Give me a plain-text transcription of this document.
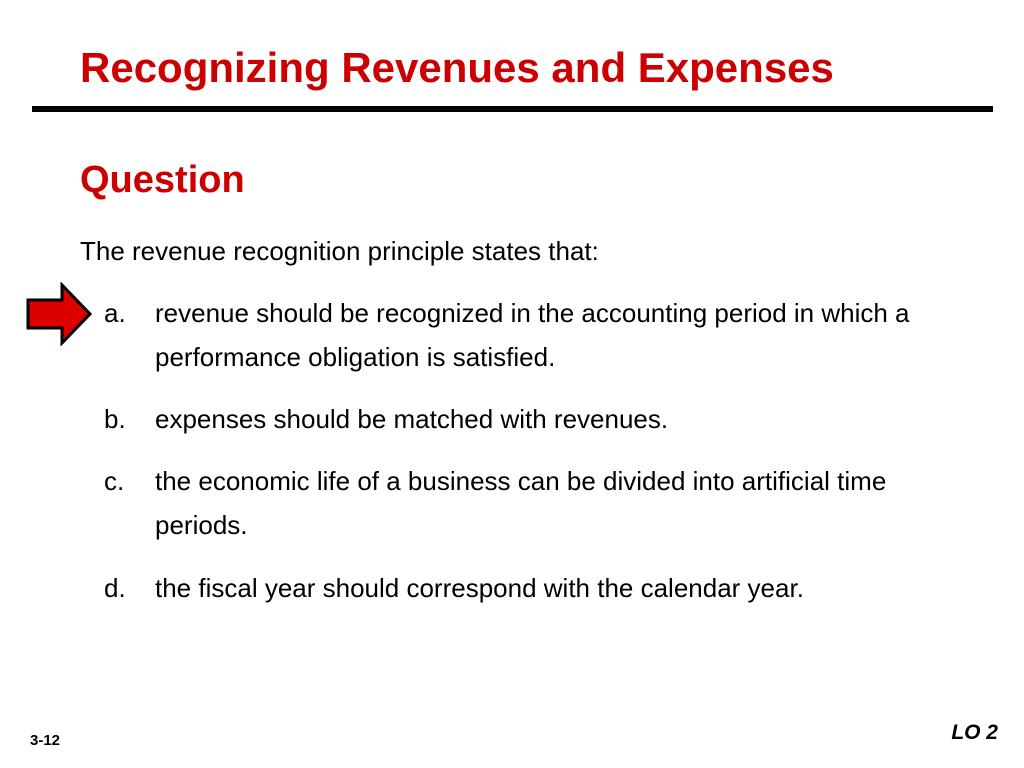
Recognizing Revenues and Expenses
Question
The revenue recognition principle states that:
a.	revenue should be recognized in the accounting period in which a performance obligation is satisfied.
b.	expenses should be matched with revenues.
c.	the economic life of a business can be divided into artificial time periods.
d.	the fiscal year should correspond with the calendar year.
3-12	LO 2
